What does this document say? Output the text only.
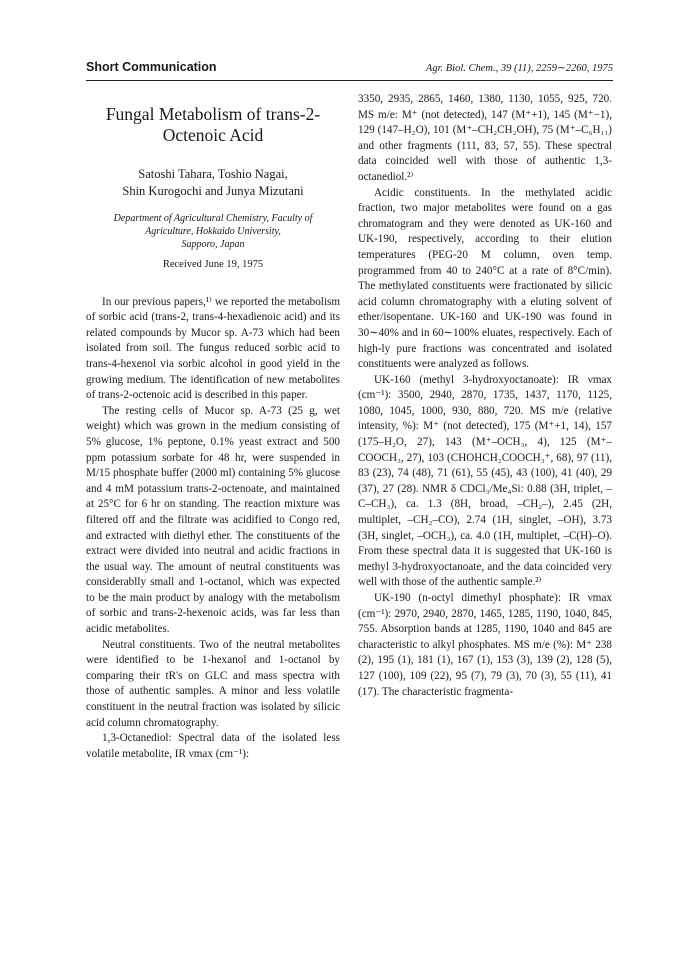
Short Communication	Agr. Biol. Chem., 39 (11), 2259∼2260, 1975
Fungal Metabolism of trans-2-
Octenoic Acid
Satoshi Tahara, Toshio Nagai,
Shin Kurogochi and Junya Mizutani
Department of Agricultural Chemistry, Faculty of
Agriculture, Hokkaido University,
Sapporo, Japan
Received June 19, 1975

In our previous papers,¹⁾ we reported the metabolism of sorbic acid (trans-2, trans-4-hexadienoic acid) and its related compounds by Mucor sp. A-73 which had been isolated from soil. The fungus reduced sorbic acid to trans-4-hexenol via sorbic alcohol in good yield in the growing medium. The identification of new metabolites of trans-2-octenoic acid is described in this paper.

The resting cells of Mucor sp. A-73 (25 g, wet weight) which was grown in the medium consisting of 5% glucose, 1% peptone, 0.1% yeast extract and 500 ppm potassium sorbate for 48 hr, were suspended in M/15 phosphate buffer (2000 ml) containing 5% glucose and 4 mM potassium trans-2-octenoate, and maintained at 25°C for 6 hr on standing. The reaction mixture was filtered off and the filtrate was acidified to Congo red, and extracted with diethyl ether. The constituents of the extract were divided into neutral and acidic fractions in the usual way. The amount of neutral constituents was considerablly small and 1-octanol, which was expected to be the main product by analogy with the metabolism of sorbic and trans-2-hexenoic acids, was far less than acidic metabolites.

Neutral constituents. Two of the neutral metabolites were identified to be 1-hexanol and 1-octanol by comparing their tR's on GLC and mass spectra with those of authentic samples. A minor and less volatile constituent in the neutral fraction was isolated by silicic acid column chromatography.

1,3-Octanediol: Spectral data of the isolated less volatile metabolite, IR νmax (cm⁻¹):

3350, 2935, 2865, 1460, 1380, 1130, 1055, 925, 720. MS m/e: M⁺ (not detected), 147 (M⁺+1), 145 (M⁺−1), 129 (147–H₂O), 101 (M⁺–CH₂CH₂OH), 75 (M⁺–C₆H₁₁) and other fragments (111, 83, 57, 55). These spectral data coincided well with those of authentic 1,3-octanediol.²⁾

Acidic constituents. In the methylated acidic fraction, two major metabolites were found on a gas chromatogram and they were denoted as UK-160 and UK-190, respectively, according to their elution temperatures (PEG-20 M column, oven temp. programmed from 40 to 240°C at a rate of 8°C/min). The methylated constituents were fractionated by silicic acid column chromatography with a eluting solvent of ether/isopentane. UK-160 and UK-190 was found in 30∼40% and in 60∼100% eluates, respectively. Each of high-ly pure fractions was concentrated and isolated constituents were analyzed as follows.

UK-160 (methyl 3-hydroxyoctanoate): IR νmax (cm⁻¹): 3500, 2940, 2870, 1735, 1437, 1170, 1125, 1080, 1045, 1000, 930, 880, 720. MS m/e (relative intensity, %): M⁺ (not detected), 175 (M⁺+1, 14), 157 (175–H₂O, 27), 143 (M⁺–OCH₃, 4), 125 (M⁺–COOCH₃, 27), 103 (CHOHCH₂COOCH₃⁺, 68), 97 (11), 83 (23), 74 (48), 71 (61), 55 (45), 43 (100), 41 (40), 29 (37), 27 (28). NMR δ CDCl₃/Me₄Si: 0.88 (3H, triplet, –C–CH₃), ca. 1.3 (8H, broad, –CH₂–), 2.45 (2H, multiplet, –CH₂–CO), 2.74 (1H, singlet, –OH), 3.73 (3H, singlet, –OCH₃), ca. 4.0 (1H, multiplet, –C(H)–O). From these spectral data it is suggested that UK-160 is methyl 3-hydroxyoctanoate, and the data coincided very well with those of the authentic sample.²⁾

UK-190 (n-octyl dimethyl phosphate): IR νmax (cm⁻¹): 2970, 2940, 2870, 1465, 1285, 1190, 1040, 845, 755. Absorption bands at 1285, 1190, 1040 and 845 are characteristic to alkyl phosphates. MS m/e (%): M⁺ 238 (2), 195 (1), 181 (1), 167 (1), 153 (3), 139 (2), 128 (5), 127 (100), 109 (22), 95 (7), 79 (3), 70 (3), 55 (11), 41 (17). The characteristic fragmenta-
